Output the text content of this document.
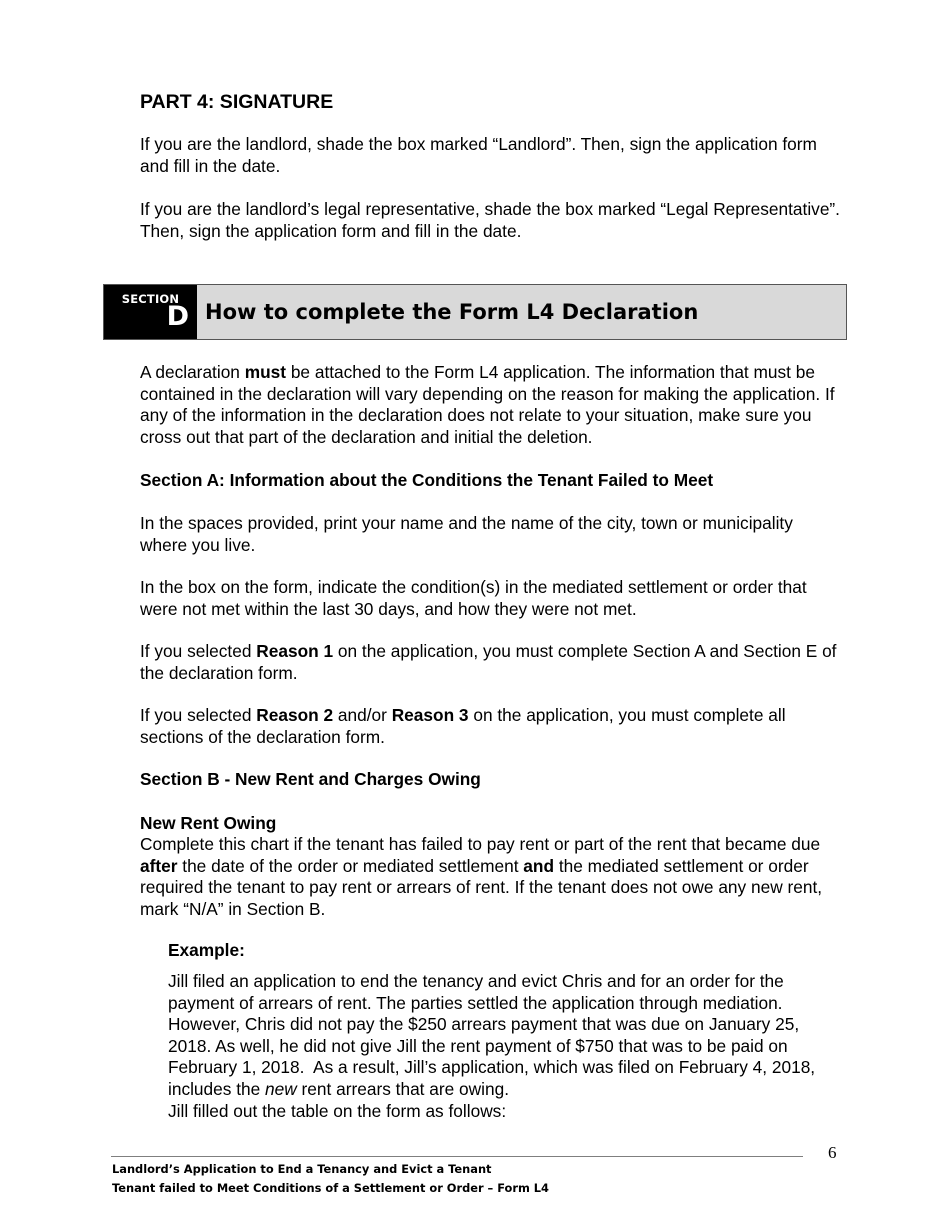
PART 4: SIGNATURE

If you are the landlord, shade the box marked “Landlord”. Then, sign the application form and fill in the date.

If you are the landlord’s legal representative, shade the box marked “Legal Representative”. Then, sign the application form and fill in the date.

SECTION
D How to complete the Form L4 Declaration

A declaration must be attached to the Form L4 application. The information that must be contained in the declaration will vary depending on the reason for making the application. If any of the information in the declaration does not relate to your situation, make sure you cross out that part of the declaration and initial the deletion.

Section A: Information about the Conditions the Tenant Failed to Meet

In the spaces provided, print your name and the name of the city, town or municipality where you live.

In the box on the form, indicate the condition(s) in the mediated settlement or order that were not met within the last 30 days, and how they were not met.

If you selected Reason 1 on the application, you must complete Section A and Section E of the declaration form.

If you selected Reason 2 and/or Reason 3 on the application, you must complete all sections of the declaration form.

Section B - New Rent and Charges Owing
New Rent Owing

Complete this chart if the tenant has failed to pay rent or part of the rent that became due after the date of the order or mediated settlement and the mediated settlement or order required the tenant to pay rent or arrears of rent. If the tenant does not owe any new rent, mark “N/A” in Section B.

Example:

Jill filed an application to end the tenancy and evict Chris and for an order for the payment of arrears of rent. The parties settled the application through mediation. However, Chris did not pay the $250 arrears payment that was due on January 25, 2018. As well, he did not give Jill the rent payment of $750 that was to be paid on February 1, 2018.  As a result, Jill’s application, which was filed on February 4, 2018, includes the new rent arrears that are owing.
Jill filled out the table on the form as follows:

6
Landlord’s Application to End a Tenancy and Evict a Tenant
Tenant failed to Meet Conditions of a Settlement or Order – Form L4
